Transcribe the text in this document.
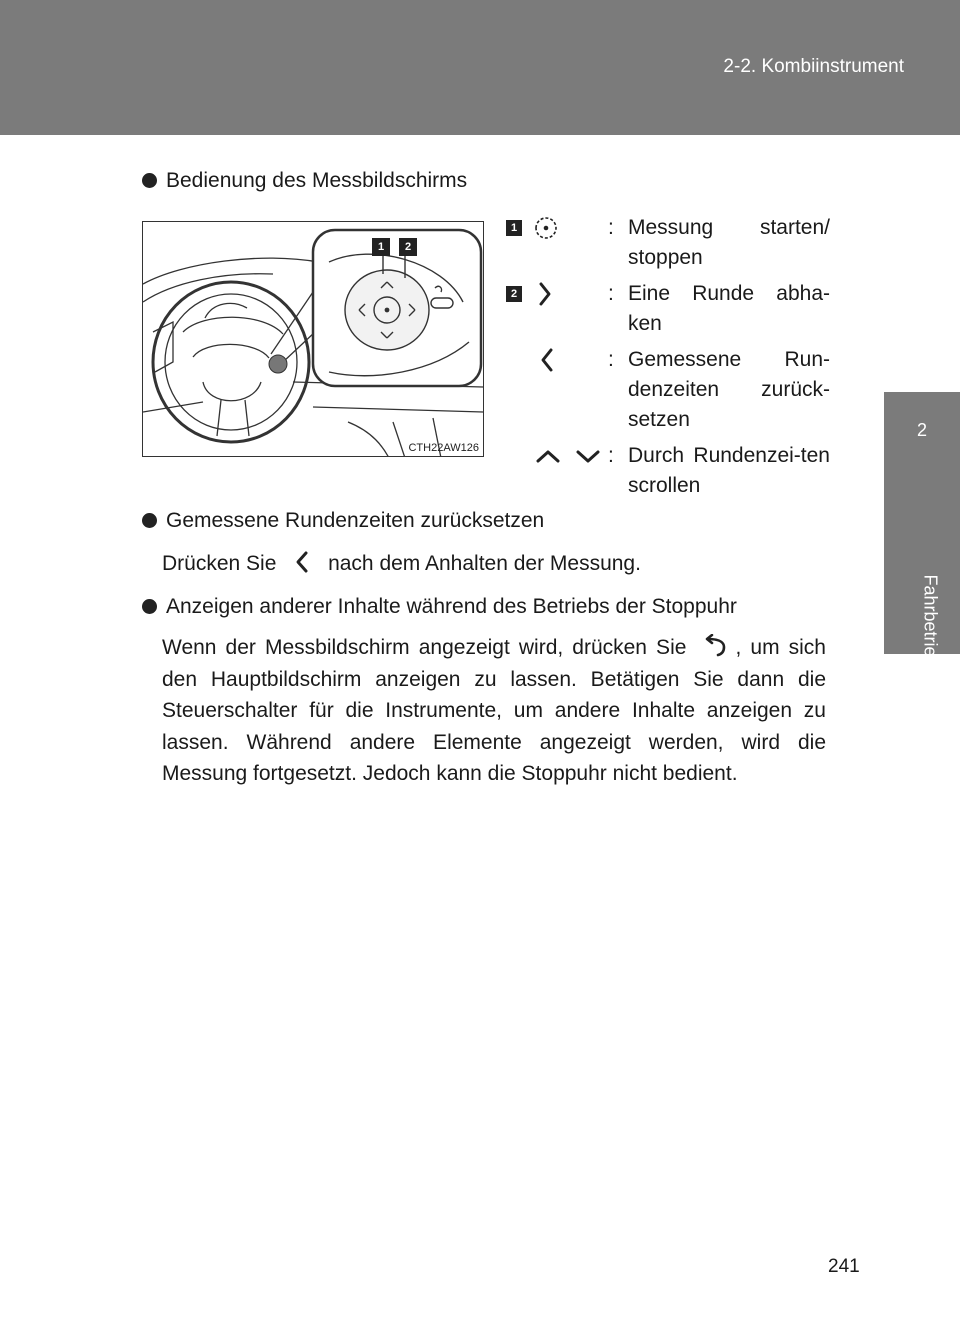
2-2. Kombiinstrument
2
Fahrbetrieb
Bedienung des Messbildschirms
1	2
CTH22AW126
1	: Messung starten/ stoppen
2	: Eine Runde abha-ken
: Gemessene Run-denzeiten zurück-setzen
: Durch Rundenzei-ten scrollen
Gemessene Rundenzeiten zurücksetzen
Drücken Sie nach dem Anhalten der Messung.
Anzeigen anderer Inhalte während des Betriebs der Stoppuhr
Wenn der Messbildschirm angezeigt wird, drücken Sie , um sich den Hauptbildschirm anzeigen zu lassen. Betätigen Sie dann die Steuerschalter für die Instrumente, um andere Inhalte anzeigen zu lassen. Während andere Elemente angezeigt werden, wird die Messung fortgesetzt. Jedoch kann die Stoppuhr nicht bedient.
241
